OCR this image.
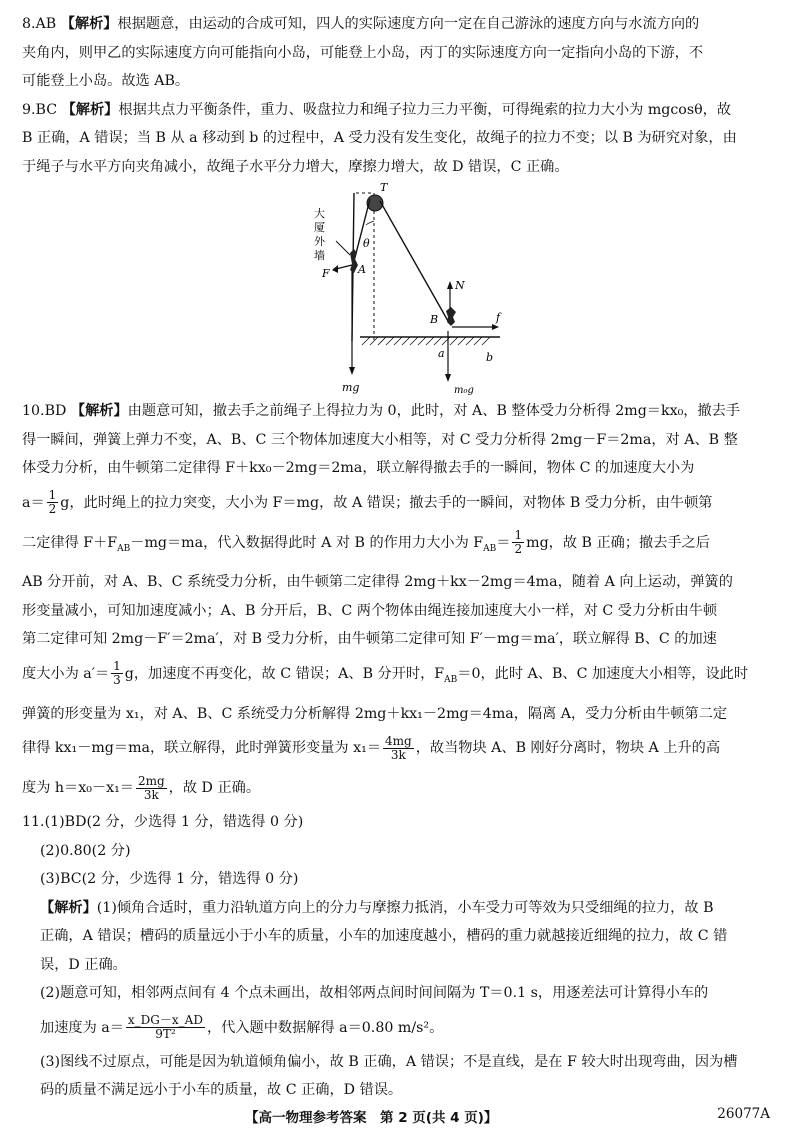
8.AB 【解析】根据题意，由运动的合成可知，四人的实际速度方向一定在自己游泳的速度方向与水流方向的

夹角内，则甲乙的实际速度方向可能指向小岛，可能登上小岛，丙丁的实际速度方向一定指向小岛的下游，不

可能登上小岛。故选 AB。

9.BC 【解析】根据共点力平衡条件，重力、吸盘拉力和绳子拉力三力平衡，可得绳索的拉力大小为 mgcosθ，故

B 正确，A 错误；当 B 从 a 移动到 b 的过程中，A 受力没有发生变化，故绳子的拉力不变；以 B 为研究对象，由

于绳子与水平方向夹角减小，故绳子水平分力增大，摩擦力增大，故 D 错误，C 正确。

T
θ
大
厦
外
墙
F	A
N
B	f
a	b
mg	m₀g

10.BD 【解析】由题意可知，撤去手之前绳子上得拉力为 0，此时，对 A、B 整体受力分析得 2mg＝kx₀，撤去手

得一瞬间，弹簧上弹力不变，A、B、C 三个物体加速度大小相等，对 C 受力分析得 2mg－F＝2ma，对 A、B 整

体受力分析，由牛顿第二定律得 F＋kx₀－2mg＝2ma，联立解得撤去手的一瞬间，物体 C 的加速度大小为

$a= \frac{1}{2}$ g，此时绳上的拉力突变，大小为 F＝mg，故 A 错误；撤去手的一瞬间，对物体 B 受力分析，由牛顿第

二定律得 $F+F_{AB}-mg=ma$，代入数据得此时 A 对 B 的作用力大小为 $F_{AB}= \frac{1}{2}$ mg，故 B 正确；撤去手之后

AB 分开前，对 A、B、C 系统受力分析，由牛顿第二定律得 2mg＋kx－2mg＝4ma，随着 A 向上运动，弹簧的

形变量减小，可知加速度减小；A、B 分开后，B、C 两个物体由绳连接加速度大小一样，对 C 受力分析由牛顿

第二定律可知 2mg－F′＝2ma′，对 B 受力分析，由牛顿第二定律可知 F′－mg＝ma′，联立解得 B、C 的加速

度大小为 $a'= \frac{1}{3}$ g，加速度不再变化，故 C 错误；A、B 分开时，$F_{AB}=0$，此时 A、B、C 加速度大小相等，设此时

弹簧的形变量为 x₁，对 A、B、C 系统受力分析解得 2mg＋kx₁－2mg＝4ma，隔离 A，受力分析由牛顿第二定

律得 kx₁－mg＝ma，联立解得，此时弹簧形变量为 $x_1= \frac{4mg}{3k}$ ，故当物块 A、B 刚好分离时，物块 A 上升的高

度为 $h=x_0-x_1= \frac{2mg}{3k}$ ，故 D 正确。

11.(1)BD(2 分，少选得 1 分，错选得 0 分)

(2)0.80(2 分)

(3)BC(2 分，少选得 1 分，错选得 0 分)

【解析】(1)倾角合适时，重力沿轨道方向上的分力与摩擦力抵消，小车受力可等效为只受细绳的拉力，故 B

正确，A 错误；槽码的质量远小于小车的质量，小车的加速度越小，槽码的重力就越接近细绳的拉力，故 C 错

误，D 正确。

(2)题意可知，相邻两点间有 4 个点未画出，故相邻两点间时间间隔为 T＝0.1 s，用逐差法可计算得小车的

加速度为 $a= \frac{x\_DG-x\_AD}{\text{9T²}}$ ，代入题中数据解得 a＝0.80 m/s²。

(3)图线不过原点，可能是因为轨道倾角偏小，故 B 正确，A 错误；不是直线，是在 F 较大时出现弯曲，因为槽

码的质量不满足远小于小车的质量，故 C 正确，D 错误。

【高一物理参考答案　第 2 页(共 4 页)】	26077A
